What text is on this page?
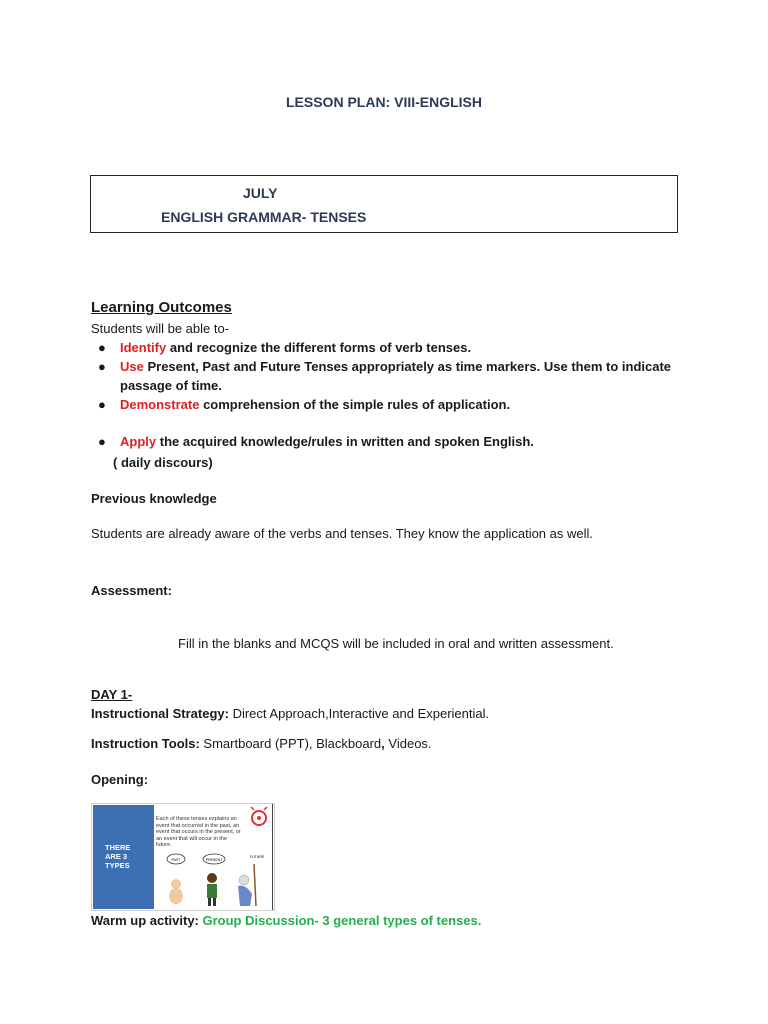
LESSON PLAN: VIII-ENGLISH
JULY
ENGLISH GRAMMAR- TENSES
Learning Outcomes
Students will be able to-
● Identify and recognize the different forms of verb tenses.
● Use Present, Past and Future Tenses appropriately as time markers. Use them to indicate passage of time.
● Demonstrate comprehension of the simple rules of application.
● Apply the acquired knowledge/rules in written and spoken English.
( daily discours)
Previous knowledge
Students are already aware of the verbs and tenses. They know the application as well.
Assessment:
Fill in the blanks and MCQS will be included in oral and written assessment.
DAY 1-
Instructional Strategy: Direct Approach,Interactive and Experiential.
Instruction Tools: Smartboard (PPT), Blackboard, Videos.
Opening:
THERE ARE 3 TYPES
Each of these tenses explains an event that occurred in the past, an event that occurs in the present, or an event that will occur in the future.
PAST	PRESENT
FUTURE
Warm up activity: Group Discussion- 3 general types of tenses.
